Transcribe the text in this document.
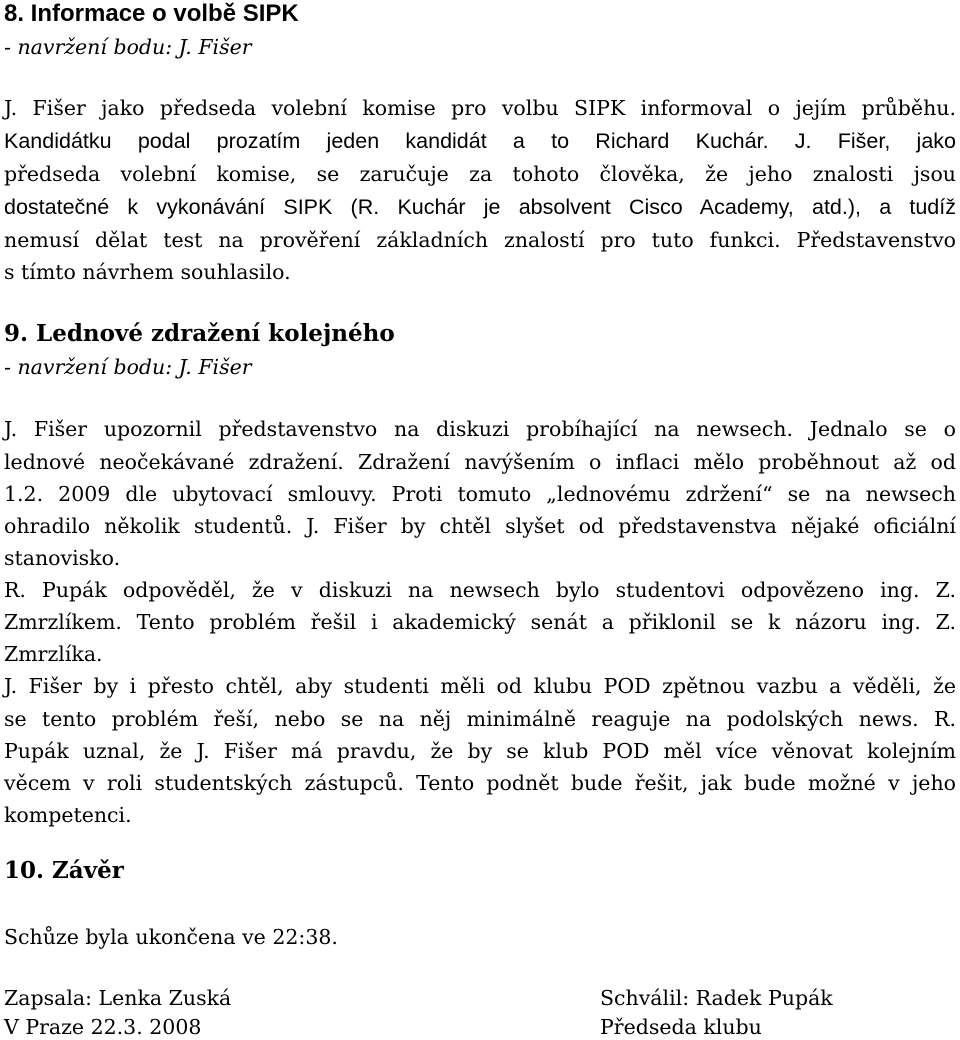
8. Informace o volbě SIPK
- navržení bodu: J. Fišer
J. Fišer jako předseda volební komise pro volbu SIPK informoval o jejím průběhu.
Kandidátku podal prozatím jeden kandidát a to Richard Kuchár. J. Fišer, jako
předseda volební komise, se zaručuje za tohoto člověka, že jeho znalosti jsou
dostatečné k vykonávání SIPK (R. Kuchár je absolvent Cisco Academy, atd.), a tudíž
nemusí dělat test na prověření základních znalostí pro tuto funkci. Představenstvo
s tímto návrhem souhlasilo.
9. Lednové zdražení kolejného
- navržení bodu: J. Fišer
J. Fišer upozornil představenstvo na diskuzi probíhající na newsech. Jednalo se o
lednové neočekávané zdražení. Zdražení navýšením o inflaci mělo proběhnout až od
1.2. 2009 dle ubytovací smlouvy. Proti tomuto „lednovému zdržení“ se na newsech
ohradilo několik studentů. J. Fišer by chtěl slyšet od představenstva nějaké oficiální
stanovisko.
R. Pupák odpověděl, že v diskuzi na newsech bylo studentovi odpovězeno ing. Z.
Zmrzlíkem. Tento problém řešil i akademický senát a přiklonil se k názoru ing. Z.
Zmrzlíka.
J. Fišer by i přesto chtěl, aby studenti měli od klubu POD zpětnou vazbu a věděli, že
se tento problém řeší, nebo se na něj minimálně reaguje na podolských news. R.
Pupák uznal, že J. Fišer má pravdu, že by se klub POD měl více věnovat kolejním
věcem v roli studentských zástupců. Tento podnět bude řešit, jak bude možné v jeho
kompetenci.
10. Závěr
Schůze byla ukončena ve 22:38.
Zapsala: Lenka Zuská
V Praze 22.3. 2008
Schválil: Radek Pupák
Předseda klubu
